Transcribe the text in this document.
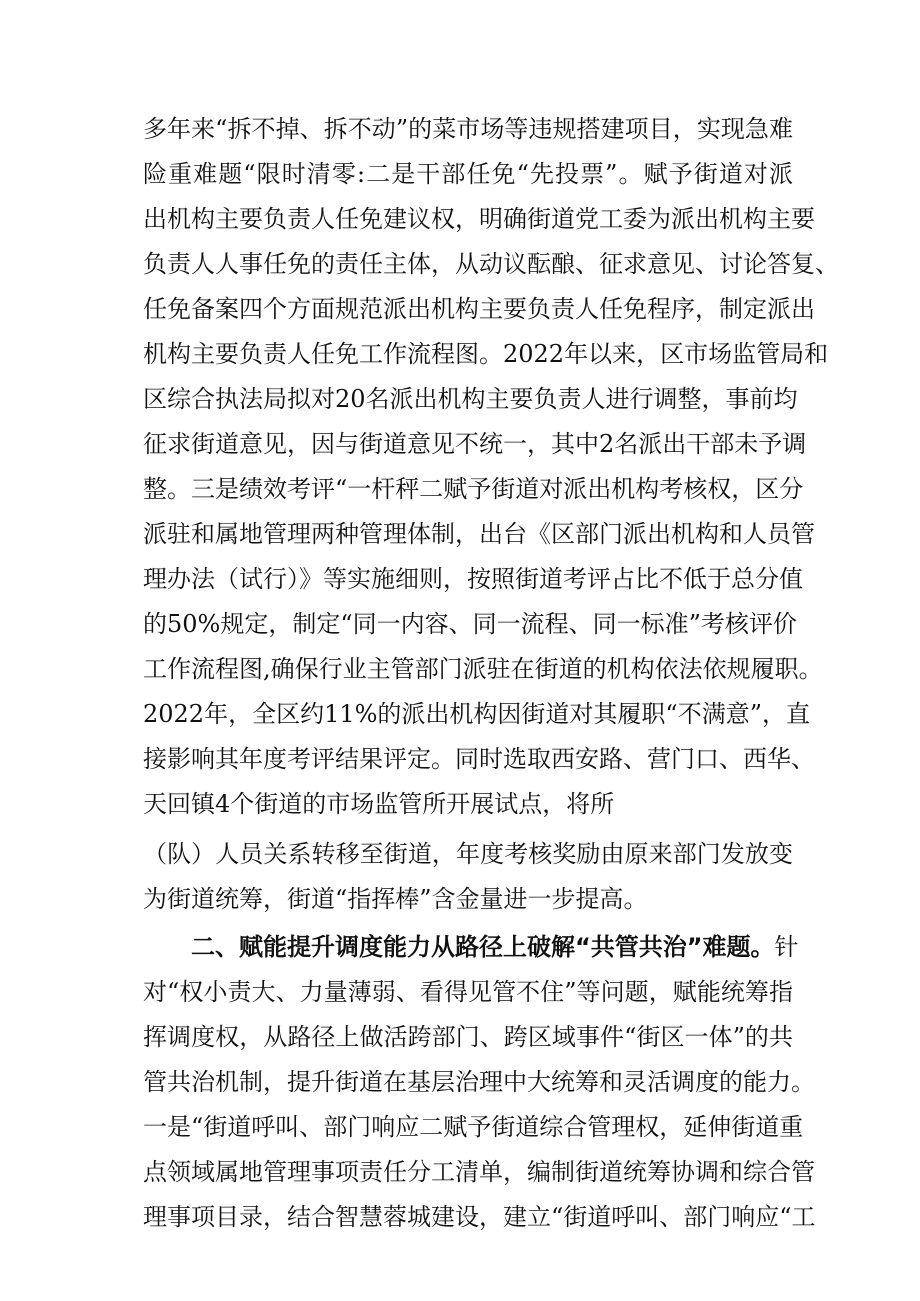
多年来“拆不掉、拆不动”的菜市场等违规搭建项目，实现急难
险重难题“限时清零:二是干部任免“先投票”。赋予街道对派
出机构主要负责人任免建议权，明确街道党工委为派出机构主要
负责人人事任免的责任主体，从动议酝酿、征求意见、讨论答复、
任免备案四个方面规范派出机构主要负责人任免程序，制定派出
机构主要负责人任免工作流程图。2022年以来，区市场监管局和
区综合执法局拟对20名派出机构主要负责人进行调整，事前均
征求街道意见，因与街道意见不统一，其中2名派出干部未予调
整。三是绩效考评“一杆秤二赋予街道对派出机构考核权，区分
派驻和属地管理两种管理体制，出台《区部门派出机构和人员管
理办法（试行）》等实施细则，按照街道考评占比不低于总分值
的50%规定，制定“同一内容、同一流程、同一标准”考核评价
工作流程图,确保行业主管部门派驻在街道的机构依法依规履职。
2022年，全区约11%的派出机构因街道对其履职“不满意”，直
接影响其年度考评结果评定。同时选取西安路、营门口、西华、
天回镇4个街道的市场监管所开展试点，将所
（队）人员关系转移至街道，年度考核奖励由原来部门发放变
为街道统筹，街道“指挥棒”含金量进一步提高。
二、赋能提升调度能力从路径上破解“共管共治”难题。针
对“权小责大、力量薄弱、看得见管不住”等问题，赋能统筹指
挥调度权，从路径上做活跨部门、跨区域事件“街区一体”的共
管共治机制，提升街道在基层治理中大统筹和灵活调度的能力。
一是“街道呼叫、部门响应二赋予街道综合管理权，延伸街道重
点领域属地管理事项责任分工清单，编制街道统筹协调和综合管
理事项目录，结合智慧蓉城建设，建立“街道呼叫、部门响应“工
